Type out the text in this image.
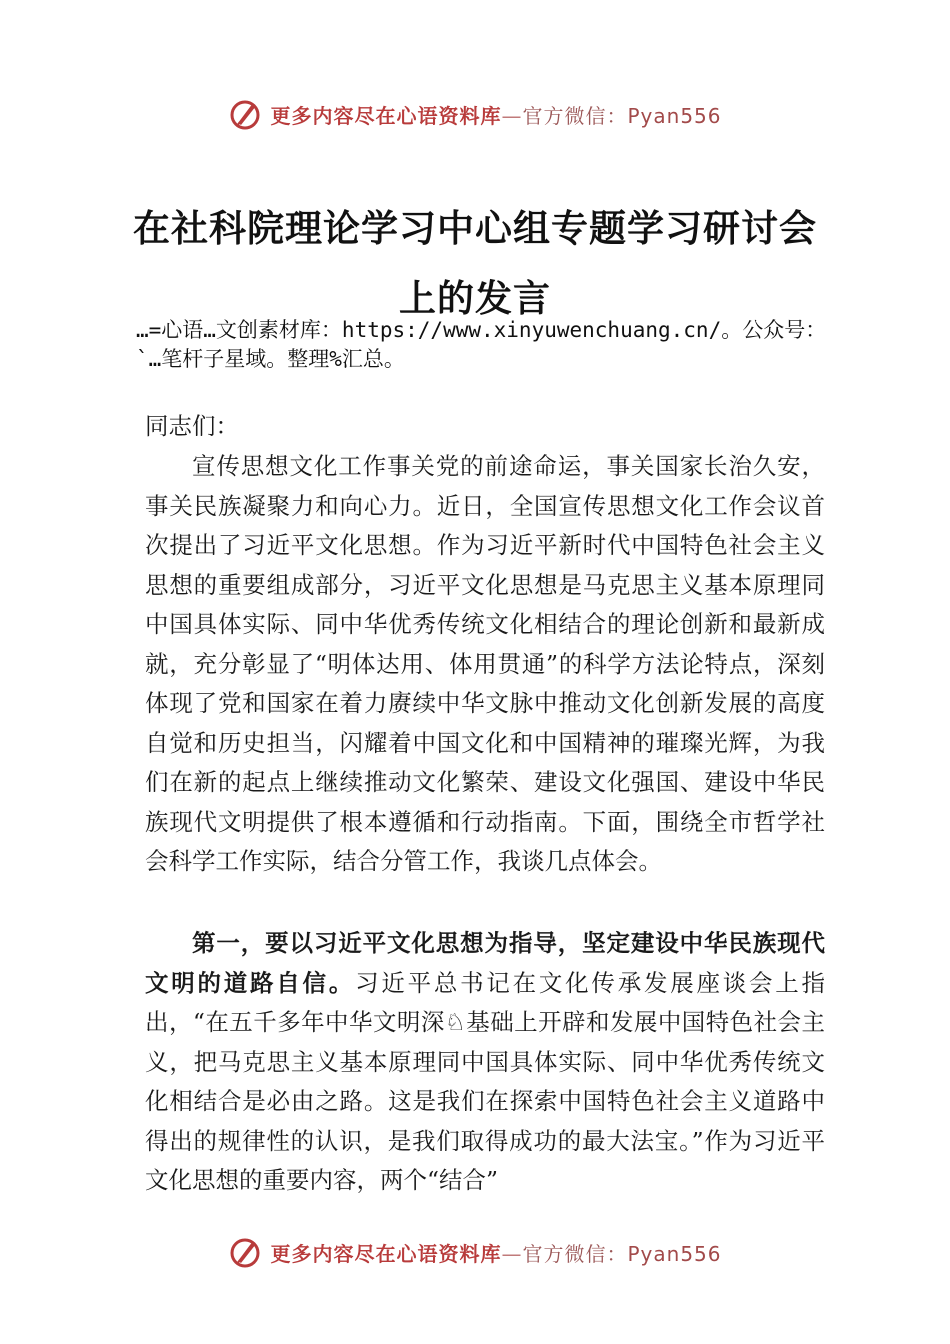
更多内容尽在心语资料库—官方微信：Pyan556
在社科院理论学习中心组专题学习研讨会
上的发言
…=心语…文创素材库：https://www.xinyuwenchuang.cn/。公众号：`…笔杆子星域。整理%汇总。
同志们：
宣传思想文化工作事关党的前途命运，事关国家长治久安，事关民族凝聚力和向心力。近日，全国宣传思想文化工作会议首次提出了习近平文化思想。作为习近平新时代中国特色社会主义思想的重要组成部分，习近平文化思想是马克思主义基本原理同中国具体实际、同中华优秀传统文化相结合的理论创新和最新成就，充分彰显了“明体达用、体用贯通”的科学方法论特点，深刻体现了党和国家在着力赓续中华文脉中推动文化创新发展的高度自觉和历史担当，闪耀着中国文化和中国精神的璀璨光辉，为我们在新的起点上继续推动文化繁荣、建设文化强国、建设中华民族现代文明提供了根本遵循和行动指南。下面，围绕全市哲学社会科学工作实际，结合分管工作，我谈几点体会。
第一，要以习近平文化思想为指导，坚定建设中华民族现代文明的道路自信。习近平总书记在文化传承发展座谈会上指出，“在五千多年中华文明深♘基础上开辟和发展中国特色社会主义，把马克思主义基本原理同中国具体实际、同中华优秀传统文化相结合是必由之路。这是我们在探索中国特色社会主义道路中得出的规律性的认识，是我们取得成功的最大法宝。”作为习近平文化思想的重要内容，两个“结合”
更多内容尽在心语资料库—官方微信：Pyan556
